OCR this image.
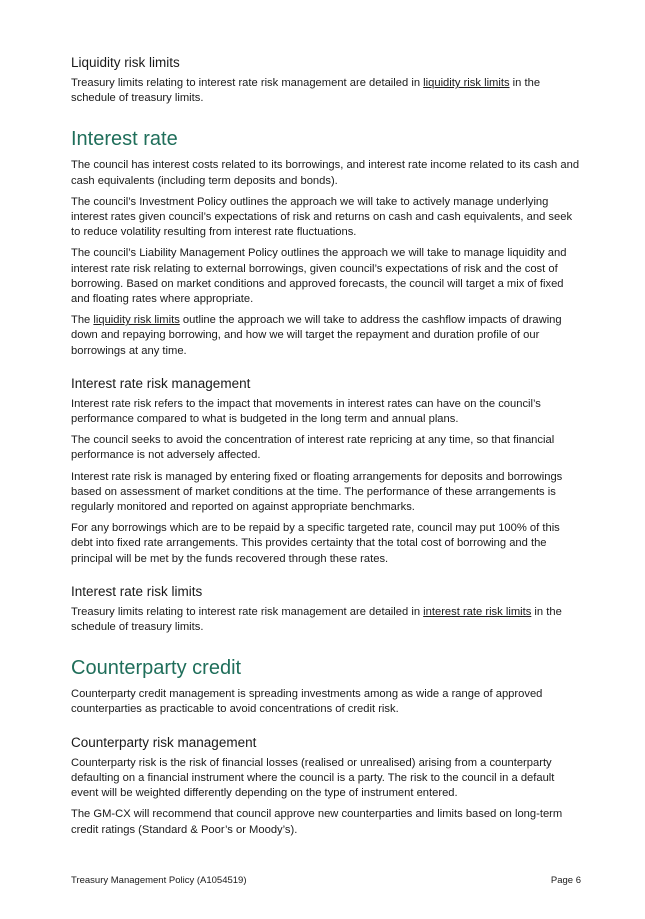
Liquidity risk limits

Treasury limits relating to interest rate risk management are detailed in liquidity risk limits in the schedule of treasury limits.

Interest rate

The council has interest costs related to its borrowings, and interest rate income related to its cash and cash equivalents (including term deposits and bonds).

The council’s Investment Policy outlines the approach we will take to actively manage underlying interest rates given council’s expectations of risk and returns on cash and cash equivalents, and seek to reduce volatility resulting from interest rate fluctuations.

The council’s Liability Management Policy outlines the approach we will take to manage liquidity and interest rate risk relating to external borrowings, given council’s expectations of risk and the cost of borrowing. Based on market conditions and approved forecasts, the council will target a mix of fixed and floating rates where appropriate.

The liquidity risk limits outline the approach we will take to address the cashflow impacts of drawing down and repaying borrowing, and how we will target the repayment and duration profile of our borrowings at any time.

Interest rate risk management

Interest rate risk refers to the impact that movements in interest rates can have on the council’s performance compared to what is budgeted in the long term and annual plans.

The council seeks to avoid the concentration of interest rate repricing at any time, so that financial performance is not adversely affected.

Interest rate risk is managed by entering fixed or floating arrangements for deposits and borrowings based on assessment of market conditions at the time. The performance of these arrangements is regularly monitored and reported on against appropriate benchmarks.

For any borrowings which are to be repaid by a specific targeted rate, council may put 100% of this debt into fixed rate arrangements. This provides certainty that the total cost of borrowing and the principal will be met by the funds recovered through these rates.

Interest rate risk limits

Treasury limits relating to interest rate risk management are detailed in interest rate risk limits in the schedule of treasury limits.

Counterparty credit

Counterparty credit management is spreading investments among as wide a range of approved counterparties as practicable to avoid concentrations of credit risk.

Counterparty risk management

Counterparty risk is the risk of financial losses (realised or unrealised) arising from a counterparty defaulting on a financial instrument where the council is a party. The risk to the council in a default event will be weighted differently depending on the type of instrument entered.

The GM-CX will recommend that council approve new counterparties and limits based on long-term credit ratings (Standard & Poor’s or Moody’s).

Treasury Management Policy (A1054519)	Page 6
